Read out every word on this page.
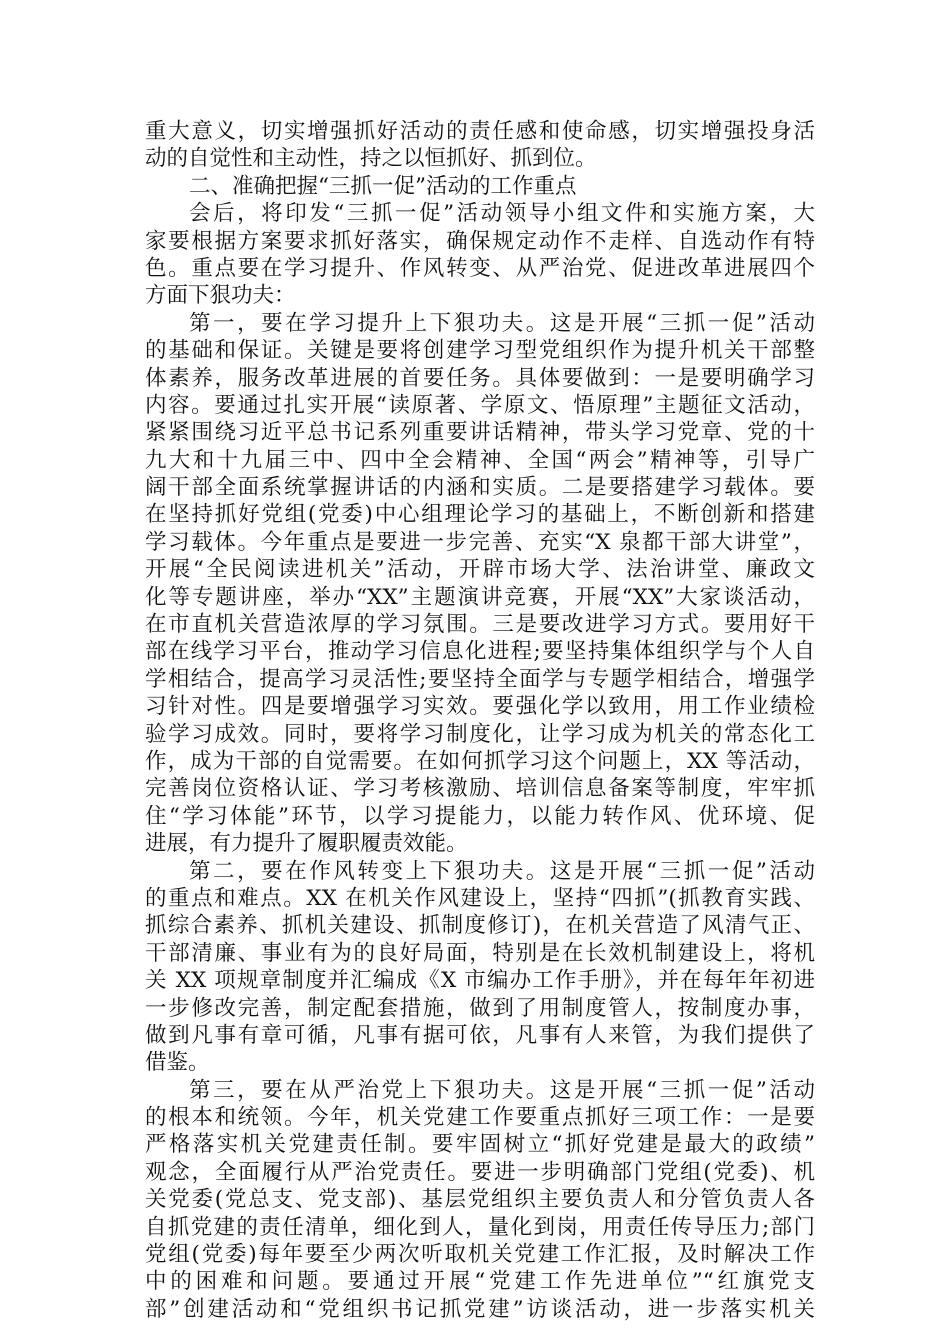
重大意义，切实增强抓好活动的责任感和使命感，切实增强投身活
动的自觉性和主动性，持之以恒抓好、抓到位。
二、准确把握“三抓一促”活动的工作重点
会后，将印发“三抓一促”活动领导小组文件和实施方案，大
家要根据方案要求抓好落实，确保规定动作不走样、自选动作有特
色。重点要在学习提升、作风转变、从严治党、促进改革进展四个
方面下狠功夫：
第一，要在学习提升上下狠功夫。这是开展“三抓一促”活动
的基础和保证。关键是要将创建学习型党组织作为提升机关干部整
体素养，服务改革进展的首要任务。具体要做到：一是要明确学习
内容。要通过扎实开展“读原著、学原文、悟原理”主题征文活动，
紧紧围绕习近平总书记系列重要讲话精神，带头学习党章、党的十
九大和十九届三中、四中全会精神、全国“两会”精神等，引导广
阔干部全面系统掌握讲话的内涵和实质。二是要搭建学习载体。要
在坚持抓好党组(党委)中心组理论学习的基础上，不断创新和搭建
学习载体。今年重点是要进一步完善、充实“X 泉都干部大讲堂”，
开展“全民阅读进机关”活动，开辟市场大学、法治讲堂、廉政文
化等专题讲座，举办“XX”主题演讲竞赛，开展“XX”大家谈活动，
在市直机关营造浓厚的学习氛围。三是要改进学习方式。要用好干
部在线学习平台，推动学习信息化进程;要坚持集体组织学与个人自
学相结合，提高学习灵活性;要坚持全面学与专题学相结合，增强学
习针对性。四是要增强学习实效。要强化学以致用，用工作业绩检
验学习成效。同时，要将学习制度化，让学习成为机关的常态化工
作，成为干部的自觉需要。在如何抓学习这个问题上，XX 等活动，
完善岗位资格认证、学习考核激励、培训信息备案等制度，牢牢抓
住“学习体能”环节，以学习提能力，以能力转作风、优环境、促
进展，有力提升了履职履责效能。
第二，要在作风转变上下狠功夫。这是开展“三抓一促”活动
的重点和难点。XX 在机关作风建设上，坚持“四抓”(抓教育实践、
抓综合素养、抓机关建设、抓制度修订)，在机关营造了风清气正、
干部清廉、事业有为的良好局面，特别是在长效机制建设上，将机
关 XX 项规章制度并汇编成《X 市编办工作手册》，并在每年年初进
一步修改完善，制定配套措施，做到了用制度管人，按制度办事，
做到凡事有章可循，凡事有据可依，凡事有人来管，为我们提供了
借鉴。
第三，要在从严治党上下狠功夫。这是开展“三抓一促”活动
的根本和统领。今年，机关党建工作要重点抓好三项工作：一是要
严格落实机关党建责任制。要牢固树立“抓好党建是最大的政绩”
观念，全面履行从严治党责任。要进一步明确部门党组(党委)、机
关党委(党总支、党支部)、基层党组织主要负责人和分管负责人各
自抓党建的责任清单，细化到人，量化到岗，用责任传导压力;部门
党组(党委)每年要至少两次听取机关党建工作汇报，及时解决工作
中的困难和问题。要通过开展“党建工作先进单位”“红旗党支
部”创建活动和“党组织书记抓党建”访谈活动，进一步落实机关
